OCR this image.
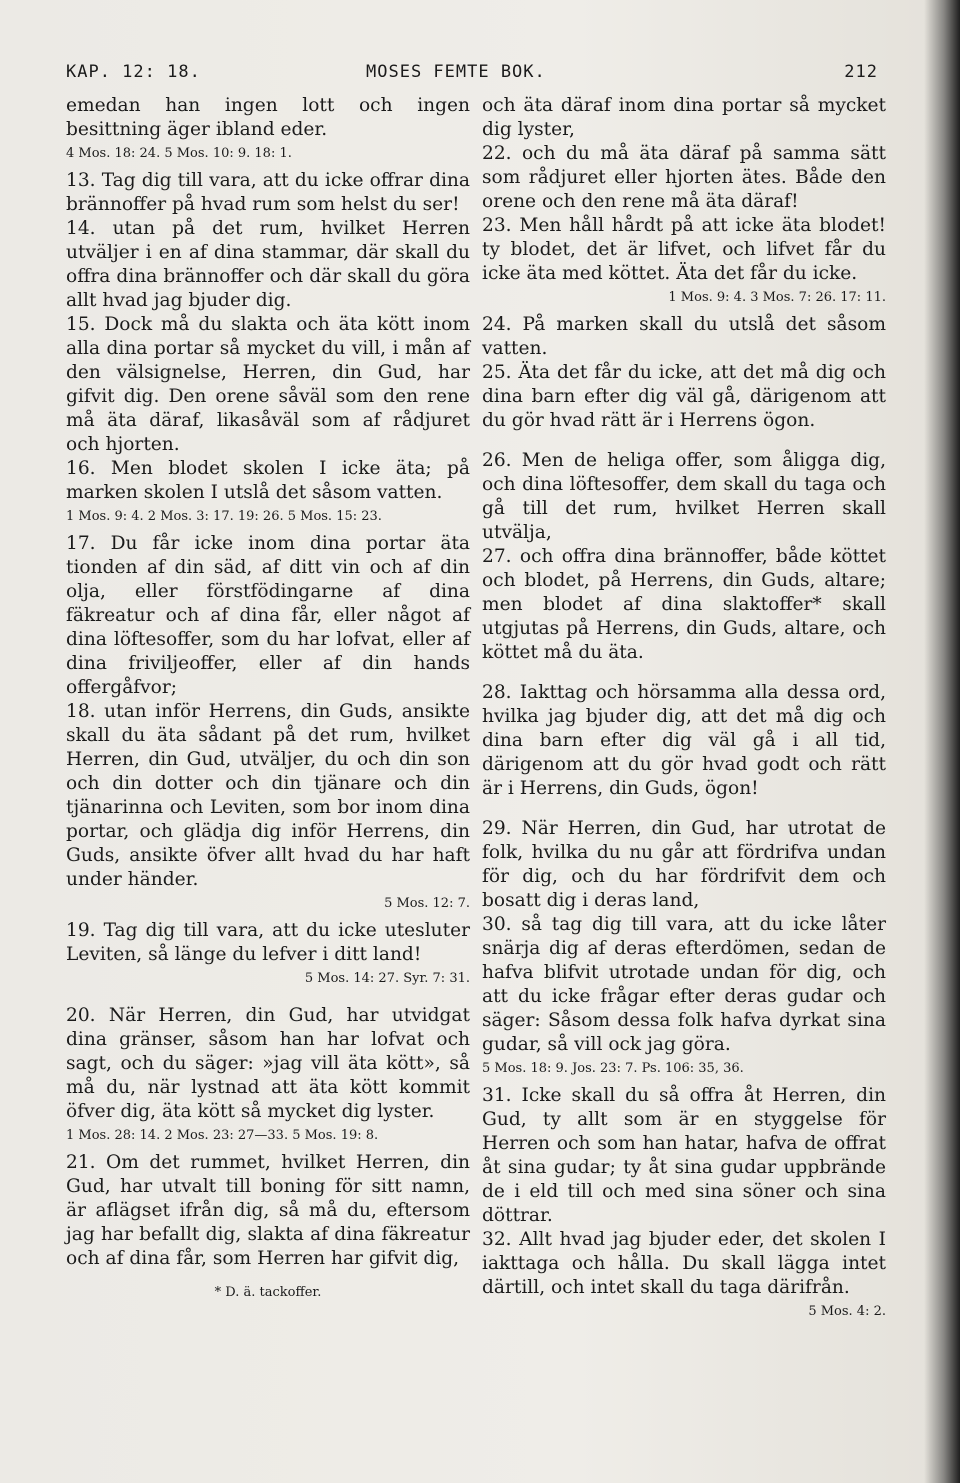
KAP. 12: 18.	MOSES FEMTE BOK.	212

emedan han ingen lott och ingen besittning äger ibland eder.

4 Mos. 18: 24. 5 Mos. 10: 9. 18: 1.

13. Tag dig till vara, att du icke offrar dina brännoffer på hvad rum som helst du ser!

14. utan på det rum, hvilket Herren utväljer i en af dina stammar, där skall du offra dina brännoffer och där skall du göra allt hvad jag bjuder dig.

15. Dock må du slakta och äta kött inom alla dina portar så mycket du vill, i mån af den välsignelse, Herren, din Gud, har gifvit dig. Den orene såväl som den rene må äta däraf, likasåväl som af rådjuret och hjorten.

16. Men blodet skolen I icke äta; på marken skolen I utslå det såsom vatten.

1 Mos. 9: 4. 2 Mos. 3: 17. 19: 26. 5 Mos. 15: 23.

17. Du får icke inom dina portar äta tionden af din säd, af ditt vin och af din olja, eller förstfödingarne af dina fäkreatur och af dina får, eller något af dina löftesoffer, som du har lofvat, eller af dina friviljeoffer, eller af din hands offergåfvor;

18. utan inför Herrens, din Guds, ansikte skall du äta sådant på det rum, hvilket Herren, din Gud, utväljer, du och din son och din dotter och din tjänare och din tjänarinna och Leviten, som bor inom dina portar, och glädja dig inför Herrens, din Guds, ansikte öfver allt hvad du har haft under händer.

5 Mos. 12: 7.

19. Tag dig till vara, att du icke utesluter Leviten, så länge du lefver i ditt land!

5 Mos. 14: 27. Syr. 7: 31.

20. När Herren, din Gud, har utvidgat dina gränser, såsom han har lofvat och sagt, och du säger: »jag vill äta kött», så må du, när lystnad att äta kött kommit öfver dig, äta kött så mycket dig lyster.

1 Mos. 28: 14. 2 Mos. 23: 27—33. 5 Mos. 19: 8.

21. Om det rummet, hvilket Herren, din Gud, har utvalt till boning för sitt namn, är aflägset ifrån dig, så må du, eftersom jag har befallt dig, slakta af dina fäkreatur och af dina får, som Herren har gifvit dig,

* D. ä. tackoffer.

och äta däraf inom dina portar så mycket dig lyster,

22. och du må äta däraf på samma sätt som rådjuret eller hjorten ätes. Både den orene och den rene må äta däraf!

23. Men håll hårdt på att icke äta blodet! ty blodet, det är lifvet, och lifvet får du icke äta med köttet. Äta det får du icke.

1 Mos. 9: 4. 3 Mos. 7: 26. 17: 11.

24. På marken skall du utslå det såsom vatten.

25. Äta det får du icke, att det må dig och dina barn efter dig väl gå, därigenom att du gör hvad rätt är i Herrens ögon.

26. Men de heliga offer, som åligga dig, och dina löftesoffer, dem skall du taga och gå till det rum, hvilket Herren skall utvälja,

27. och offra dina brännoffer, både köttet och blodet, på Herrens, din Guds, altare; men blodet af dina slaktoffer* skall utgjutas på Herrens, din Guds, altare, och köttet må du äta.

28. Iakttag och hörsamma alla dessa ord, hvilka jag bjuder dig, att det må dig och dina barn efter dig väl gå i all tid, därigenom att du gör hvad godt och rätt är i Herrens, din Guds, ögon!

29. När Herren, din Gud, har utrotat de folk, hvilka du nu går att fördrifva undan för dig, och du har fördrifvit dem och bosatt dig i deras land,

30. så tag dig till vara, att du icke låter snärja dig af deras efterdömen, sedan de hafva blifvit utrotade undan för dig, och att du icke frågar efter deras gudar och säger: Såsom dessa folk hafva dyrkat sina gudar, så vill ock jag göra.

5 Mos. 18: 9. Jos. 23: 7. Ps. 106: 35, 36.

31. Icke skall du så offra åt Herren, din Gud, ty allt som är en styggelse för Herren och som han hatar, hafva de offrat åt sina gudar; ty åt sina gudar uppbrände de i eld till och med sina söner och sina döttrar.

32. Allt hvad jag bjuder eder, det skolen I iakttaga och hålla. Du skall lägga intet därtill, och intet skall du taga därifrån.

5 Mos. 4: 2.
